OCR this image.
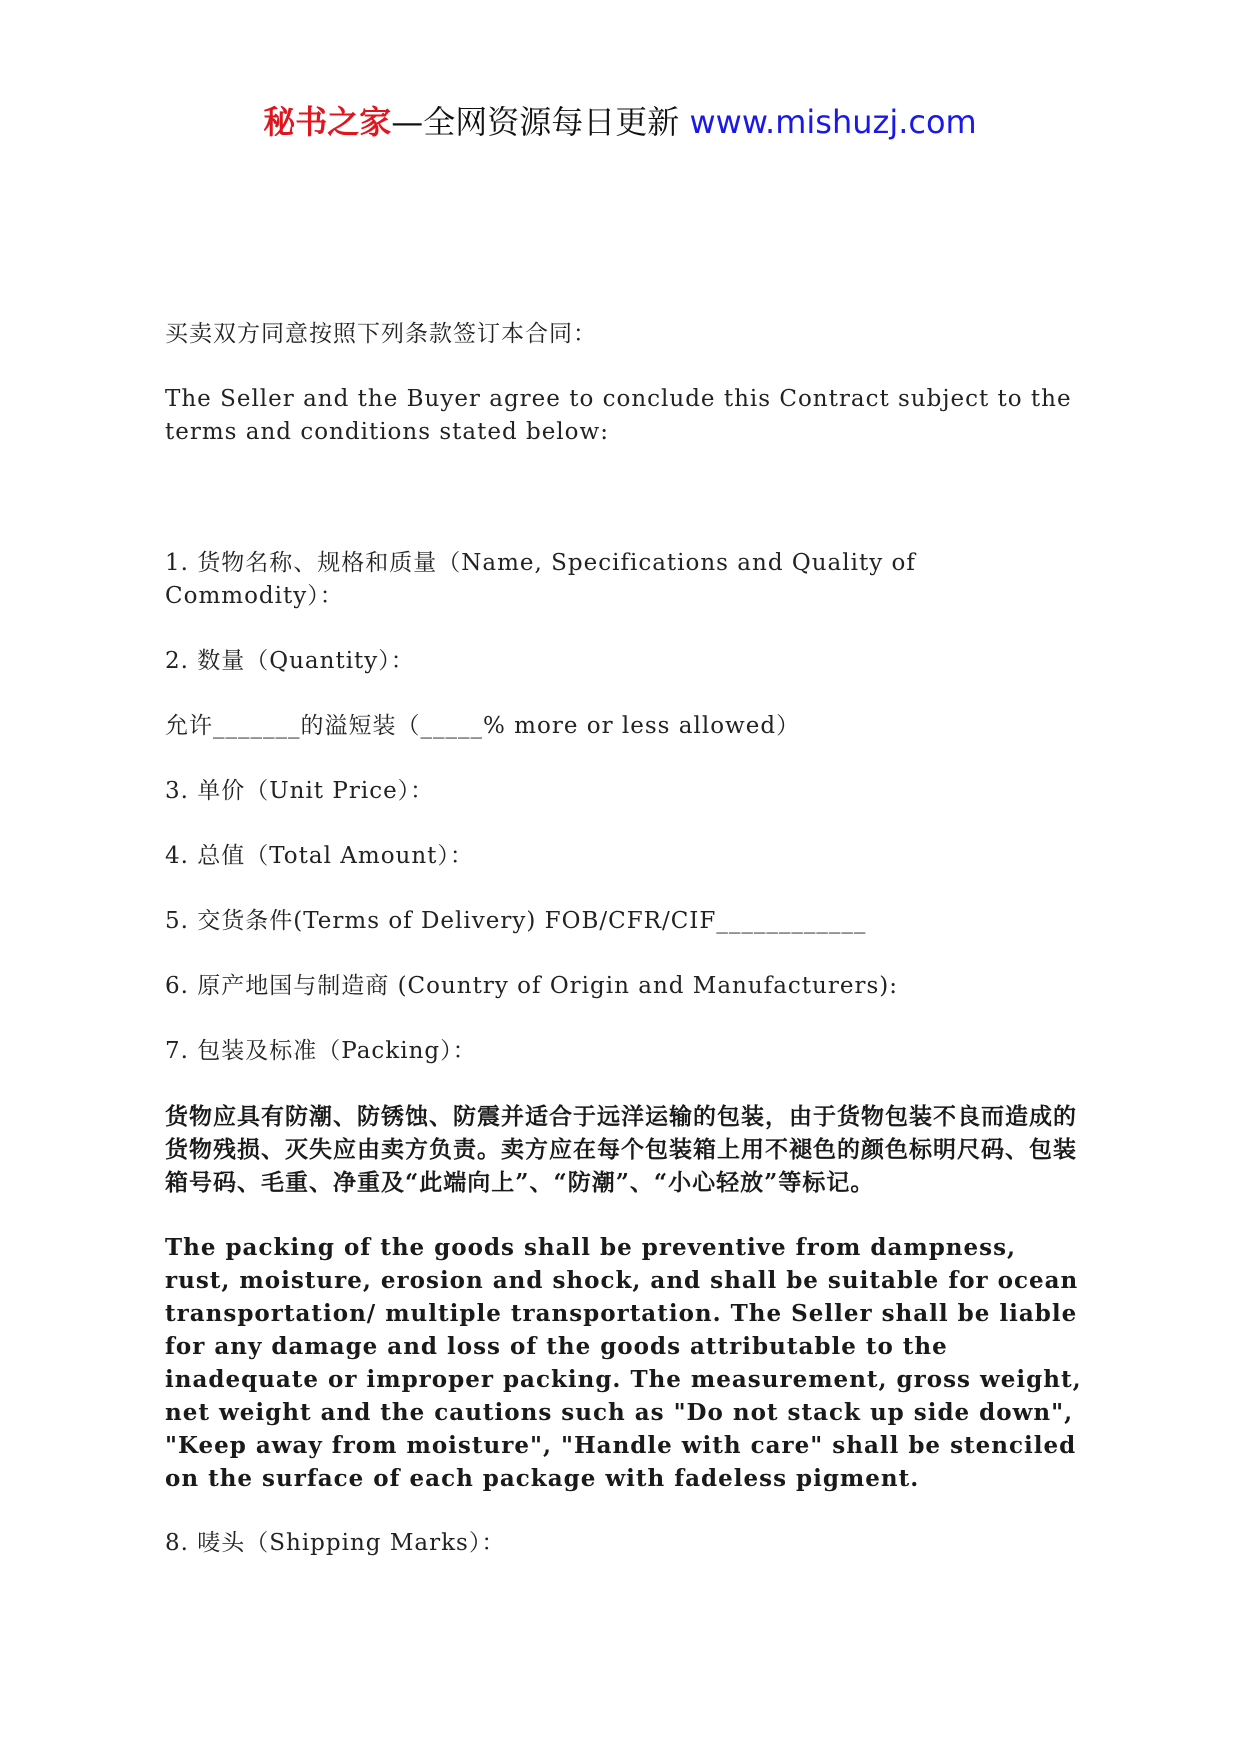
秘书之家—全网资源每日更新 www.mishuzj.com

买卖双方同意按照下列条款签订本合同：

The Seller and the Buyer agree to conclude this Contract subject to the terms and conditions stated below:

1. 货物名称、规格和质量（Name, Specifications and Quality of Commodity）：

2. 数量（Quantity）：

允许_______的溢短装（_____% more or less allowed）

3. 单价（Unit Price）：

4. 总值（Total Amount）：

5. 交货条件(Terms of Delivery) FOB/CFR/CIF____________

6. 原产地国与制造商 (Country of Origin and Manufacturers):

7. 包装及标准（Packing）：

货物应具有防潮、防锈蚀、防震并适合于远洋运输的包装，由于货物包装不良而造成的货物残损、灭失应由卖方负责。卖方应在每个包装箱上用不褪色的颜色标明尺码、包装箱号码、毛重、净重及“此端向上”、“防潮”、“小心轻放”等标记。

The packing of the goods shall be preventive from dampness, rust, moisture, erosion and shock, and shall be suitable for ocean transportation/ multiple transportation. The Seller shall be liable for any damage and loss of the goods attributable to the inadequate or improper packing. The measurement, gross weight, net weight and the cautions such as "Do not stack up side down", "Keep away from moisture", "Handle with care" shall be stenciled on the surface of each package with fadeless pigment.

8. 唛头（Shipping Marks）：
